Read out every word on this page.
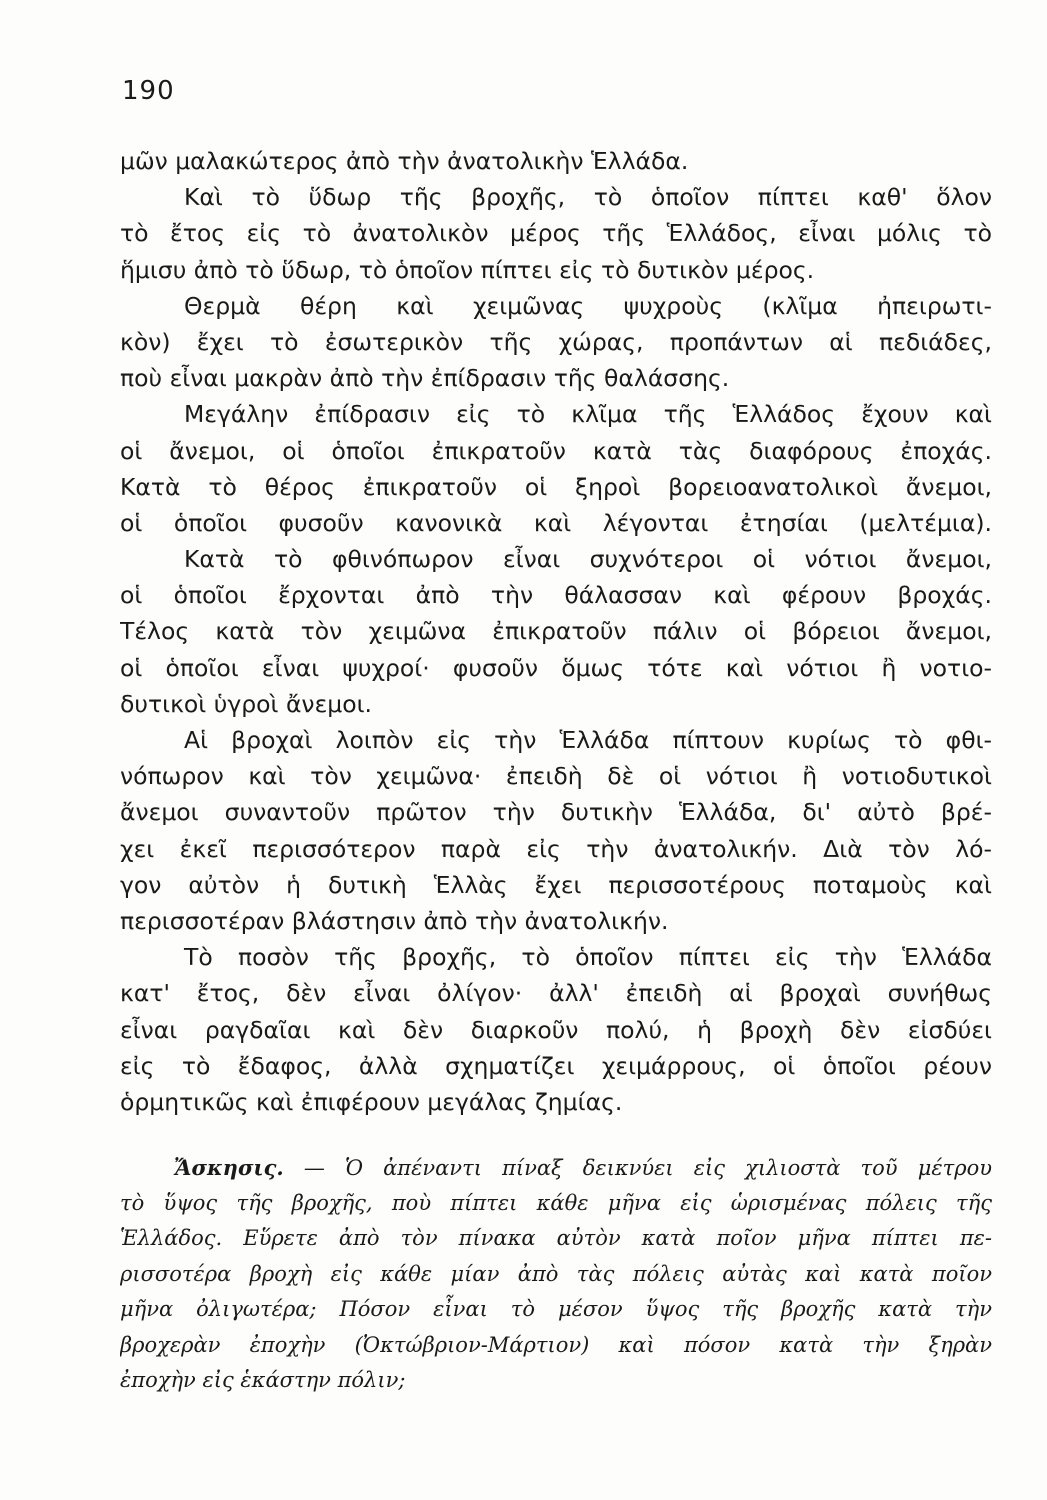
190
μῶν μαλακώτερος ἀπὸ τὴν ἀνατολικὴν Ἑλλάδα.
Καὶ τὸ ὕδωρ τῆς βροχῆς, τὸ ὁποῖον πίπτει καθ' ὅλον
τὸ ἔτος εἰς τὸ ἀνατολικὸν μέρος τῆς Ἑλλάδος, εἶναι μόλις τὸ
ἥμισυ ἀπὸ τὸ ὕδωρ, τὸ ὁποῖον πίπτει εἰς τὸ δυτικὸν μέρος.
Θερμὰ θέρη καὶ χειμῶνας ψυχροὺς (κλῖμα ἠπειρωτι-
κὸν) ἔχει τὸ ἐσωτερικὸν τῆς χώρας, προπάντων αἱ πεδιάδες,
ποὺ εἶναι μακρὰν ἀπὸ τὴν ἐπίδρασιν τῆς θαλάσσης.
Μεγάλην ἐπίδρασιν εἰς τὸ κλῖμα τῆς Ἑλλάδος ἔχουν καὶ
οἱ ἄνεμοι, οἱ ὁποῖοι ἐπικρατοῦν κατὰ τὰς διαφόρους ἐποχάς.
Κατὰ τὸ θέρος ἐπικρατοῦν οἱ ξηροὶ βορειοανατολικοὶ ἄνεμοι,
οἱ ὁποῖοι φυσοῦν κανονικὰ καὶ λέγονται ἐτησίαι (μελτέμια).
Κατὰ τὸ φθινόπωρον εἶναι συχνότεροι οἱ νότιοι ἄνεμοι,
οἱ ὁποῖοι ἔρχονται ἀπὸ τὴν θάλασσαν καὶ φέρουν βροχάς.
Τέλος κατὰ τὸν χειμῶνα ἐπικρατοῦν πάλιν οἱ βόρειοι ἄνεμοι,
οἱ ὁποῖοι εἶναι ψυχροί· φυσοῦν ὅμως τότε καὶ νότιοι ἢ νοτιο-
δυτικοὶ ὑγροὶ ἄνεμοι.
Αἱ βροχαὶ λοιπὸν εἰς τὴν Ἑλλάδα πίπτουν κυρίως τὸ φθι-
νόπωρον καὶ τὸν χειμῶνα· ἐπειδὴ δὲ οἱ νότιοι ἢ νοτιοδυτικοὶ
ἄνεμοι συναντοῦν πρῶτον τὴν δυτικὴν Ἑλλάδα, δι' αὐτὸ βρέ-
χει ἐκεῖ περισσότερον παρὰ εἰς τὴν ἀνατολικήν. Διὰ τὸν λό-
γον αὐτὸν ἡ δυτικὴ Ἑλλὰς ἔχει περισσοτέρους ποταμοὺς καὶ
περισσοτέραν βλάστησιν ἀπὸ τὴν ἀνατολικήν.
Τὸ ποσὸν τῆς βροχῆς, τὸ ὁποῖον πίπτει εἰς τὴν Ἑλλάδα
κατ' ἔτος, δὲν εἶναι ὀλίγον· ἀλλ' ἐπειδὴ αἱ βροχαὶ συνήθως
εἶναι ραγδαῖαι καὶ δὲν διαρκοῦν πολύ, ἡ βροχὴ δὲν εἰσδύει
εἰς τὸ ἔδαφος, ἀλλὰ σχηματίζει χειμάρρους, οἱ ὁποῖοι ρέουν
ὁρμητικῶς καὶ ἐπιφέρουν μεγάλας ζημίας.
Ἄσκησις. — Ὁ ἀπέναντι πίναξ δεικνύει εἰς χιλιοστὰ τοῦ μέτρου
τὸ ὕψος τῆς βροχῆς, ποὺ πίπτει κάθε μῆνα εἰς ὡρισμένας πόλεις τῆς
Ἑλλάδος. Εὕρετε ἀπὸ τὸν πίνακα αὐτὸν κατὰ ποῖον μῆνα πίπτει πε-
ρισσοτέρα βροχὴ εἰς κάθε μίαν ἀπὸ τὰς πόλεις αὐτὰς καὶ κατὰ ποῖον
μῆνα ὀλιγωτέρα; Πόσον εἶναι τὸ μέσον ὕψος τῆς βροχῆς κατὰ τὴν
βροχερὰν ἐποχὴν (Ὀκτώβριον-Μάρτιον) καὶ πόσον κατὰ τὴν ξηρὰν
ἐποχὴν εἰς ἑκάστην πόλιν;
